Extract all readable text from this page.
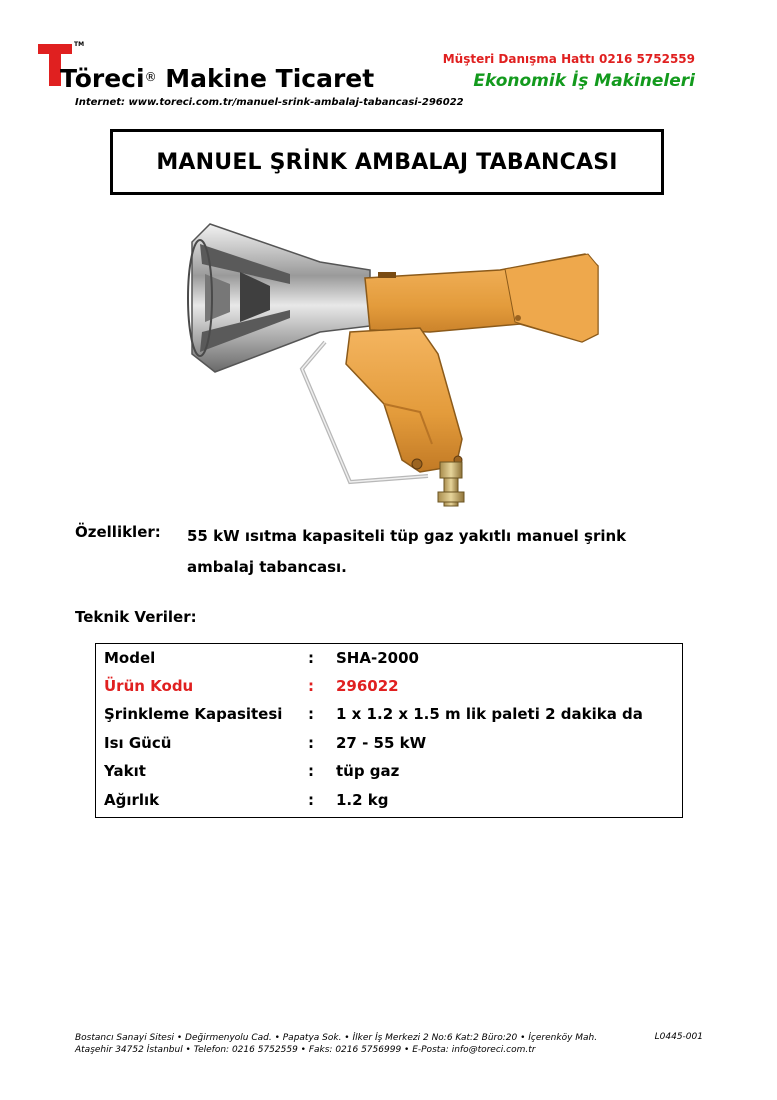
TM
Töreci® Makine Ticaret
Internet: www.toreci.com.tr/manuel-srink-ambalaj-tabancasi-296022
Müşteri Danışma Hattı 0216 5752559
Ekonomik İş Makineleri
MANUEL ŞRİNK AMBALAJ TABANCASI
Özellikler: 55 kW ısıtma kapasiteli tüp gaz yakıtlı manuel şrink ambalaj tabancası.
Teknik Veriler:
Model	: SHA-2000
Ürün Kodu	: 296022
Şrinkleme Kapasitesi : 1 x 1.2 x 1.5 m lik paleti 2 dakika da
Isı Gücü	: 27 - 55 kW
Yakıt	: tüp gaz
Ağırlık	: 1.2 kg
Bostancı Sanayi Sitesi • Değirmenyolu Cad. • Papatya Sok. • İlker İş Merkezi 2 No:6 Kat:2 Büro:20 • İçerenköy Mah.
Ataşehir 34752 İstanbul • Telefon: 0216 5752559 • Faks: 0216 5756999 • E-Posta: info@toreci.com.tr
L0445-001
